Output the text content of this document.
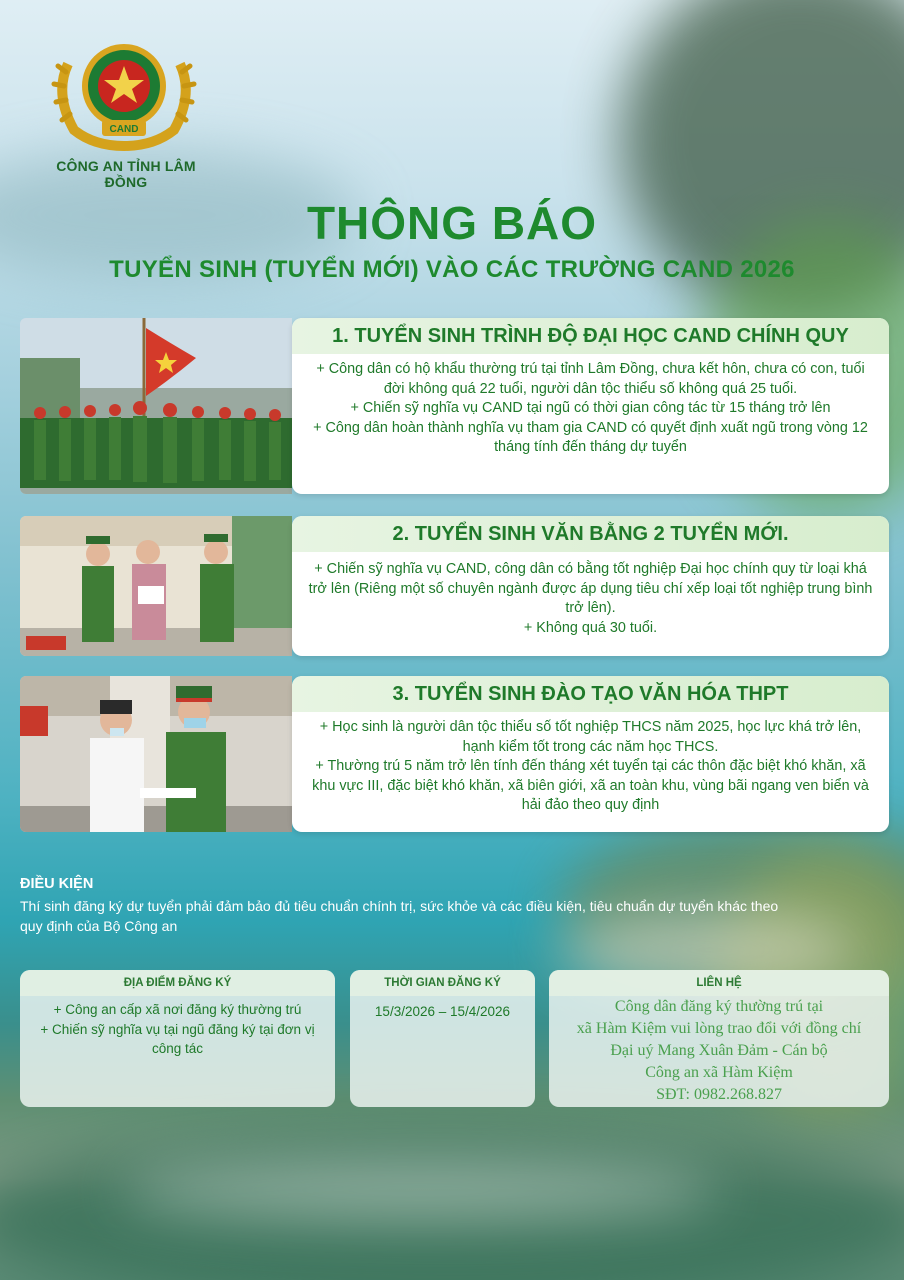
CAND
CÔNG AN TỈNH LÂM ĐỒNG
THÔNG BÁO
TUYỂN SINH (TUYỂN MỚI) VÀO CÁC TRƯỜNG CAND 2026
1. TUYỂN SINH TRÌNH ĐỘ ĐẠI HỌC CAND CHÍNH QUY

+ Công dân có hộ khẩu thường trú tại tỉnh Lâm Đồng, chưa kết hôn, chưa có con, tuổi đời không quá 22 tuổi, người dân tộc thiểu số không quá 25 tuổi.

+ Chiến sỹ nghĩa vụ CAND tại ngũ có thời gian công tác từ 15 tháng trở lên

+ Công dân hoàn thành nghĩa vụ tham gia CAND có quyết định xuất ngũ trong vòng 12 tháng tính đến tháng dự tuyển

2. TUYỂN SINH VĂN BẰNG 2 TUYỂN MỚI.

+ Chiến sỹ nghĩa vụ CAND, công dân có bằng tốt nghiệp Đại học chính quy từ loại khá trở lên (Riêng một số chuyên ngành được áp dụng tiêu chí xếp loại tốt nghiệp trung bình trở lên).

+ Không quá 30 tuổi.

3. TUYỂN SINH ĐÀO TẠO VĂN HÓA THPT

+ Học sinh là người dân tộc thiểu số tốt nghiệp THCS năm 2025, học lực khá trở lên, hạnh kiểm tốt trong các năm học THCS.

+ Thường trú 5 năm trở lên tính đến tháng xét tuyển tại các thôn đặc biệt khó khăn, xã khu vực III, đặc biệt khó khăn, xã biên giới, xã an toàn khu, vùng bãi ngang ven biển và hải đảo theo quy định

ĐIỀU KIỆN
Thí sinh đăng ký dự tuyển phải đảm bảo đủ tiêu chuẩn chính trị, sức khỏe và các điều kiện, tiêu chuẩn dự tuyển khác theo quy định của Bộ Công an
ĐỊA ĐIỂM ĐĂNG KÝ

+ Công an cấp xã nơi đăng ký thường trú

+ Chiến sỹ nghĩa vụ tại ngũ đăng ký tại đơn vị công tác

THỜI GIAN ĐĂNG KÝ
15/3/2026 – 15/4/2026
LIÊN HỆ

Công dân đăng ký thường trú tại

xã Hàm Kiệm vui lòng trao đổi với đồng chí

Đại uý Mang Xuân Đảm - Cán bộ

Công an xã Hàm Kiệm

SĐT: 0982.268.827
